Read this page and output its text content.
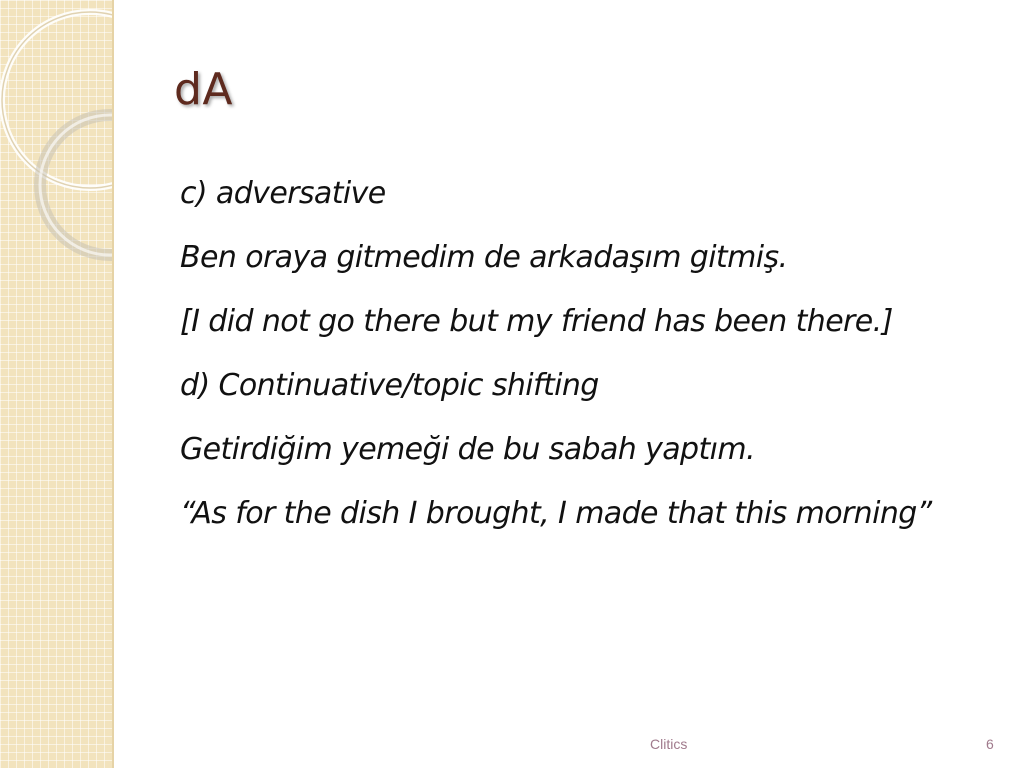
dA
c) adversative
Ben oraya gitmedim de arkadaşım gitmiş.
[I did not go there but my friend has been there.]
d) Continuative/topic shifting
Getirdiğim yemeği de bu sabah yaptım.
“As for the dish I brought, I made that this morning”
Clitics	6
